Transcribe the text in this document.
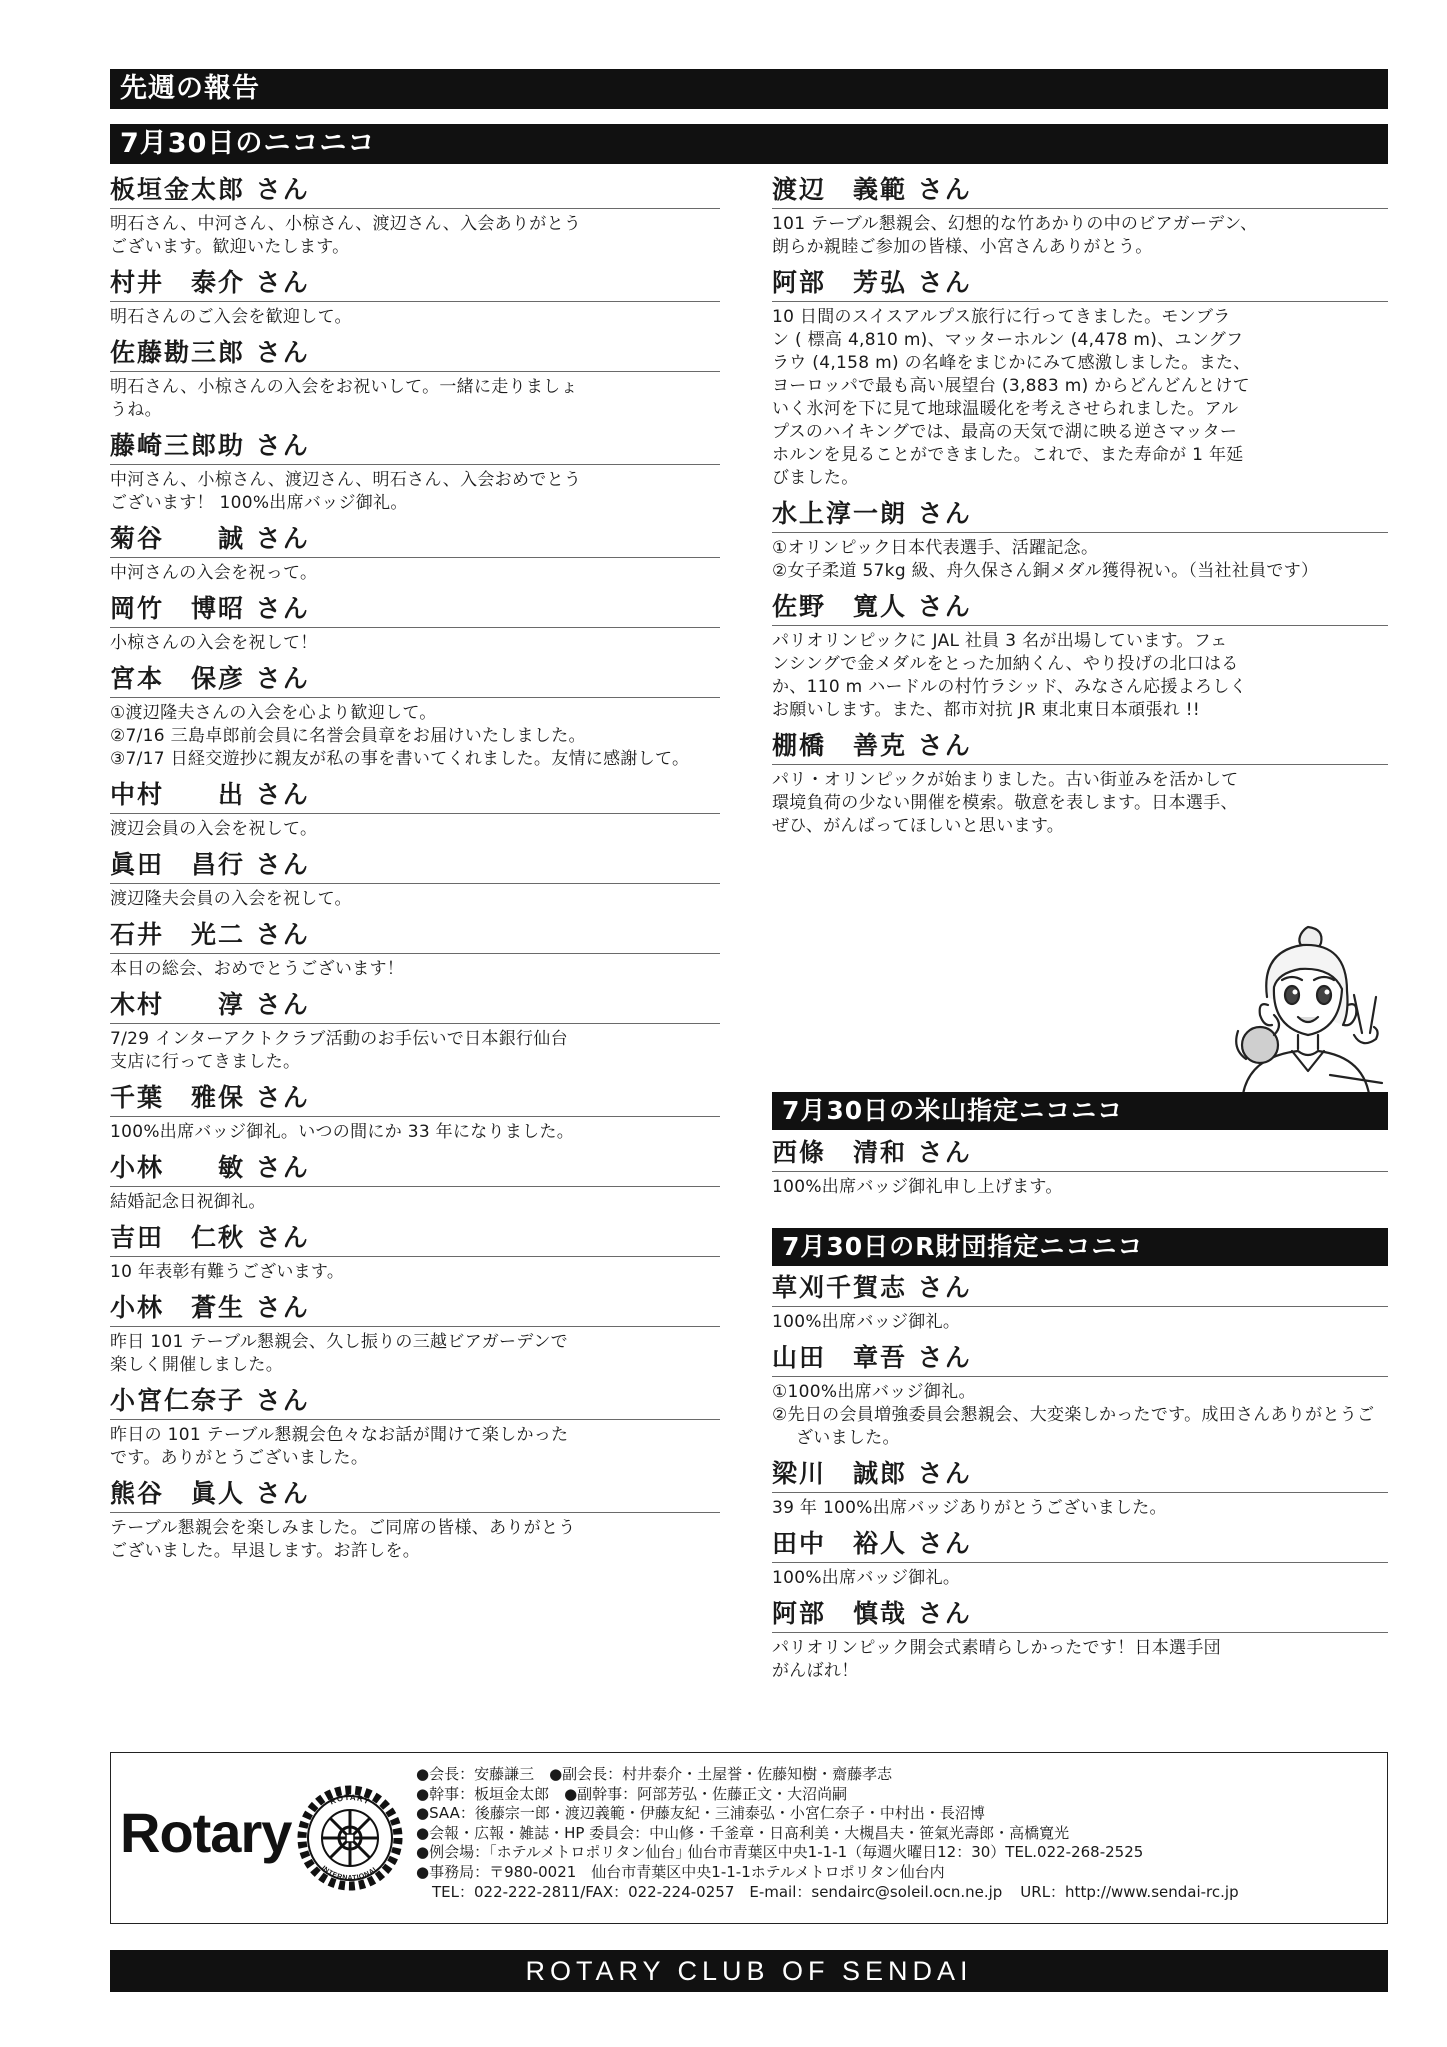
先週の報告
7月30日のニコニコ
板垣金太郎 さん

明石さん、中河さん、小椋さん、渡辺さん、入会ありがとう

ございます。歓迎いたします。

村井　泰介 さん

明石さんのご入会を歓迎して。

佐藤勘三郎 さん

明石さん、小椋さんの入会をお祝いして。一緒に走りましょ

うね。

藤崎三郎助 さん

中河さん、小椋さん、渡辺さん、明石さん、入会おめでとう

ございます！ 100%出席バッジ御礼。

菊谷　　誠 さん

中河さんの入会を祝って。

岡竹　博昭 さん

小椋さんの入会を祝して！

宮本　保彦 さん

①渡辺隆夫さんの入会を心より歓迎して。

②7/16 三島卓郎前会員に名誉会員章をお届けいたしました。

③7/17 日経交遊抄に親友が私の事を書いてくれました。友情に感謝して。

中村　　出 さん

渡辺会員の入会を祝して。

眞田　昌行 さん

渡辺隆夫会員の入会を祝して。

石井　光二 さん

本日の総会、おめでとうございます！

木村　　淳 さん

7/29 インターアクトクラブ活動のお手伝いで日本銀行仙台

支店に行ってきました。

千葉　雅保 さん

100%出席バッジ御礼。いつの間にか 33 年になりました。

小林　　敏 さん

結婚記念日祝御礼。

吉田　仁秋 さん

10 年表彰有難うございます。

小林　蒼生 さん

昨日 101 テーブル懇親会、久し振りの三越ビアガーデンで

楽しく開催しました。

小宮仁奈子 さん

昨日の 101 テーブル懇親会色々なお話が聞けて楽しかった

です。ありがとうございました。

熊谷　眞人 さん

テーブル懇親会を楽しみました。ご同席の皆様、ありがとう

ございました。早退します。お許しを。

渡辺　義範 さん

101 テーブル懇親会、幻想的な竹あかりの中のビアガーデン、

朗らか親睦ご参加の皆様、小宮さんありがとう。

阿部　芳弘 さん

10 日間のスイスアルプス旅行に行ってきました。モンブラ

ン ( 標高 4,810 m)、マッターホルン (4,478 m)、ユングフ

ラウ (4,158 m) の名峰をまじかにみて感激しました。また、

ヨーロッパで最も高い展望台 (3,883 m) からどんどんとけて

いく氷河を下に見て地球温暖化を考えさせられました。アル

プスのハイキングでは、最高の天気で湖に映る逆さマッター

ホルンを見ることができました。これで、また寿命が 1 年延

びました。

水上淳一朗 さん

①オリンピック日本代表選手、活躍記念。

②女子柔道 57kg 級、舟久保さん銅メダル獲得祝い。（当社社員です）

佐野　寛人 さん

パリオリンピックに JAL 社員 3 名が出場しています。フェ

ンシングで金メダルをとった加納くん、やり投げの北口はる

か、110 m ハードルの村竹ラシッド、みなさん応援よろしく

お願いします。また、都市対抗 JR 東北東日本頑張れ !!

棚橋　善克 さん

パリ・オリンピックが始まりました。古い街並みを活かして

環境負荷の少ない開催を模索。敬意を表します。日本選手、

ぜひ、がんばってほしいと思います。

7月30日の米山指定ニコニコ
西條　清和 さん

100%出席バッジ御礼申し上げます。

7月30日のR財団指定ニコニコ
草刈千賀志 さん

100%出席バッジ御礼。

山田　章吾 さん

①100%出席バッジ御礼。

②先日の会員増強委員会懇親会、大変楽しかったです。成田さんありがとうございました。

梁川　誠郎 さん

39 年 100%出席バッジありがとうございました。

田中　裕人 さん

100%出席バッジ御礼。

阿部　慎哉 さん

パリオリンピック開会式素晴らしかったです！日本選手団

がんばれ！

Rotary	ROTARY
INTERNATIONAL

●会長：安藤謙三　●副会長：村井泰介・土屋誉・佐藤知樹・齋藤孝志

●幹事：板垣金太郎　●副幹事：阿部芳弘・佐藤正文・大沼尚嗣

●SAA：後藤宗一郎・渡辺義範・伊藤友紀・三浦泰弘・小宮仁奈子・中村出・長沼博

●会報・広報・雑誌・HP 委員会：中山修・千釜章・日髙利美・大槻昌夫・笹氣光壽郎・高橋寛光

●例会場：｢ホテルメトロポリタン仙台｣ 仙台市青葉区中央1-1-1（毎週火曜日12：30）TEL.022-268-2525

●事務局：〒980-0021　仙台市青葉区中央1-1-1ホテルメトロポリタン仙台内

TEL：022-222-2811/FAX：022-224-0257　E-mail：sendairc@soleil.ocn.ne.jp URL：http://www.sendai-rc.jp

ROTARY CLUB OF SENDAI
